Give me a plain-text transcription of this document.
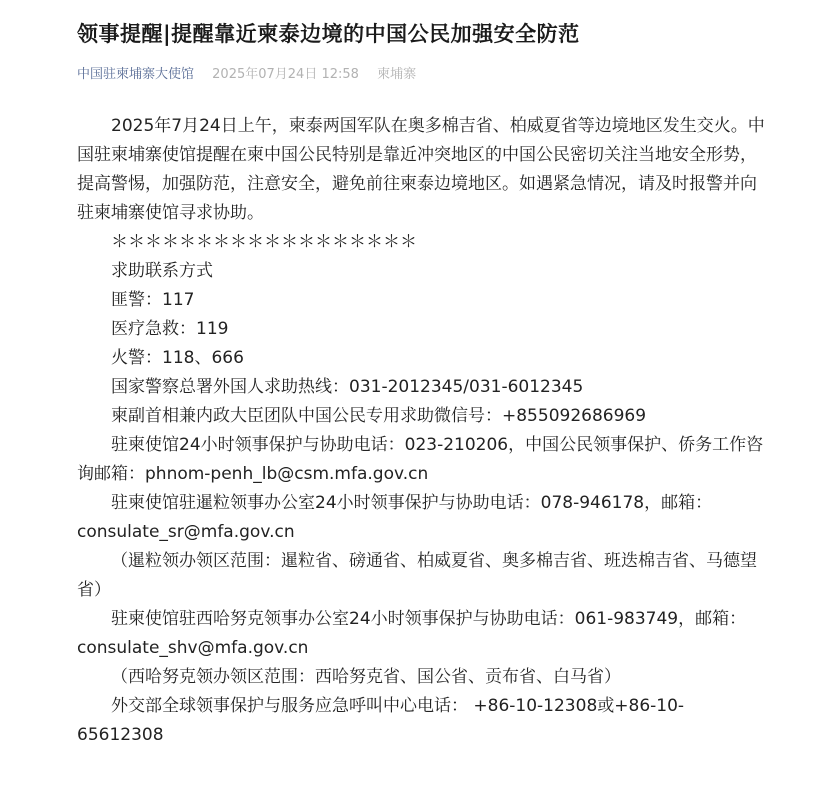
领事提醒|提醒靠近柬泰边境的中国公民加强安全防范
中国驻柬埔寨大使馆 2025年07月24日 12:58 柬埔寨

2025年7月24日上午，柬泰两国军队在奥多棉吉省、柏威夏省等边境地区发生交火。中国驻柬埔寨使馆提醒在柬中国公民特别是靠近冲突地区的中国公民密切关注当地安全形势，提高警惕，加强防范，注意安全，避免前往柬泰边境地区。如遇紧急情况，请及时报警并向驻柬埔寨使馆寻求协助。

＊＊＊＊＊＊＊＊＊＊＊＊＊＊＊＊＊＊

求助联系方式

匪警：117

医疗急救：119

火警：118、666

国家警察总署外国人求助热线：031-2012345/031-6012345

柬副首相兼内政大臣团队中国公民专用求助微信号：+855092686969

驻柬使馆24小时领事保护与协助电话：023-210206，中国公民领事保护、侨务工作咨询邮箱：phnom-penh_lb@csm.mfa.gov.cn

驻柬使馆驻暹粒领事办公室24小时领事保护与协助电话：078-946178，邮箱：consulate_sr@mfa.gov.cn

（暹粒领办领区范围：暹粒省、磅通省、柏威夏省、奥多棉吉省、班迭棉吉省、马德望省）

驻柬使馆驻西哈努克领事办公室24小时领事保护与协助电话：061-983749，邮箱：consulate_shv@mfa.gov.cn

（西哈努克领办领区范围：西哈努克省、国公省、贡布省、白马省）

外交部全球领事保护与服务应急呼叫中心电话： +86-10-12308或+86-10-65612308
